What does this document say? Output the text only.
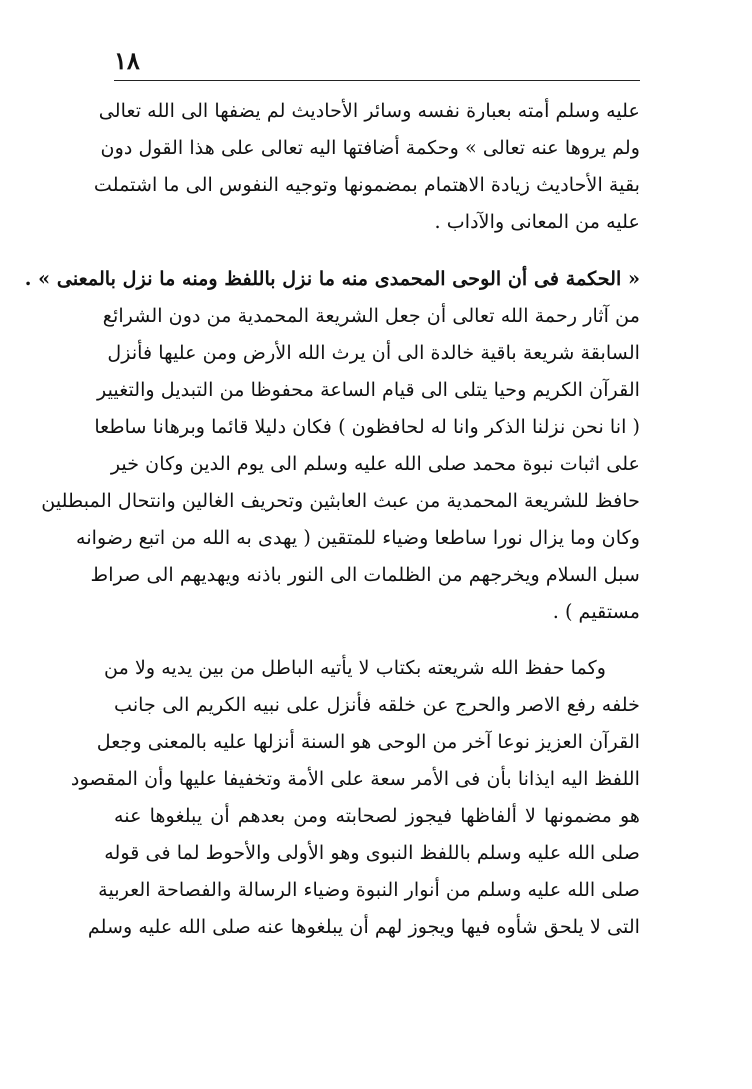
١٨
عليه وسلم أمته بعبارة نفسه وسائر الأحاديث لم يضفها الى الله تعالى
ولم يروها عنه تعالى » وحكمة أضافتها اليه تعالى على هذا القول دون
بقية الأحاديث زيادة الاهتمام بمضمونها وتوجيه النفوس الى ما اشتملت
عليه من المعانى والآداب .
« الحكمة فى أن الوحى المحمدى منه ما نزل باللفظ ومنه ما نزل بالمعنى » .
من آثار رحمة الله تعالى أن جعل الشريعة المحمدية من دون الشرائع
السابقة شريعة باقية خالدة الى أن يرث الله الأرض ومن عليها فأنزل
القرآن الكريم وحيا يتلى الى قيام الساعة محفوظا من التبديل والتغيير
( انا نحن نزلنا الذكر وانا له لحافظون ) فكان دليلا قائما وبرهانا ساطعا
على اثبات نبوة محمد صلى الله عليه وسلم الى يوم الدين وكان خير
حافظ للشريعة المحمدية من عبث العابثين وتحريف الغالين وانتحال المبطلين
وكان وما يزال نورا ساطعا وضياء للمتقين ( يهدى به الله من اتبع رضوانه
سبل السلام ويخرجهم من الظلمات الى النور باذنه ويهديهم الى صراط
مستقيم ) .
وكما حفظ الله شريعته بكتاب لا يأتيه الباطل من بين يديه ولا من
خلفه رفع الاصر والحرج عن خلقه فأنزل على نبيه الكريم الى جانب
القرآن العزيز نوعا آخر من الوحى هو السنة أنزلها عليه بالمعنى وجعل
اللفظ اليه ايذانا بأن فى الأمر سعة على الأمة وتخفيفا عليها وأن المقصود
هو مضمونها لا ألفاظها فيجوز لصحابته ومن بعدهم أن يبلغوها عنه
صلى الله عليه وسلم باللفظ النبوى وهو الأولى والأحوط لما فى قوله
صلى الله عليه وسلم من أنوار النبوة وضياء الرسالة والفصاحة العربية
التى لا يلحق شأوه فيها ويجوز لهم أن يبلغوها عنه صلى الله عليه وسلم
